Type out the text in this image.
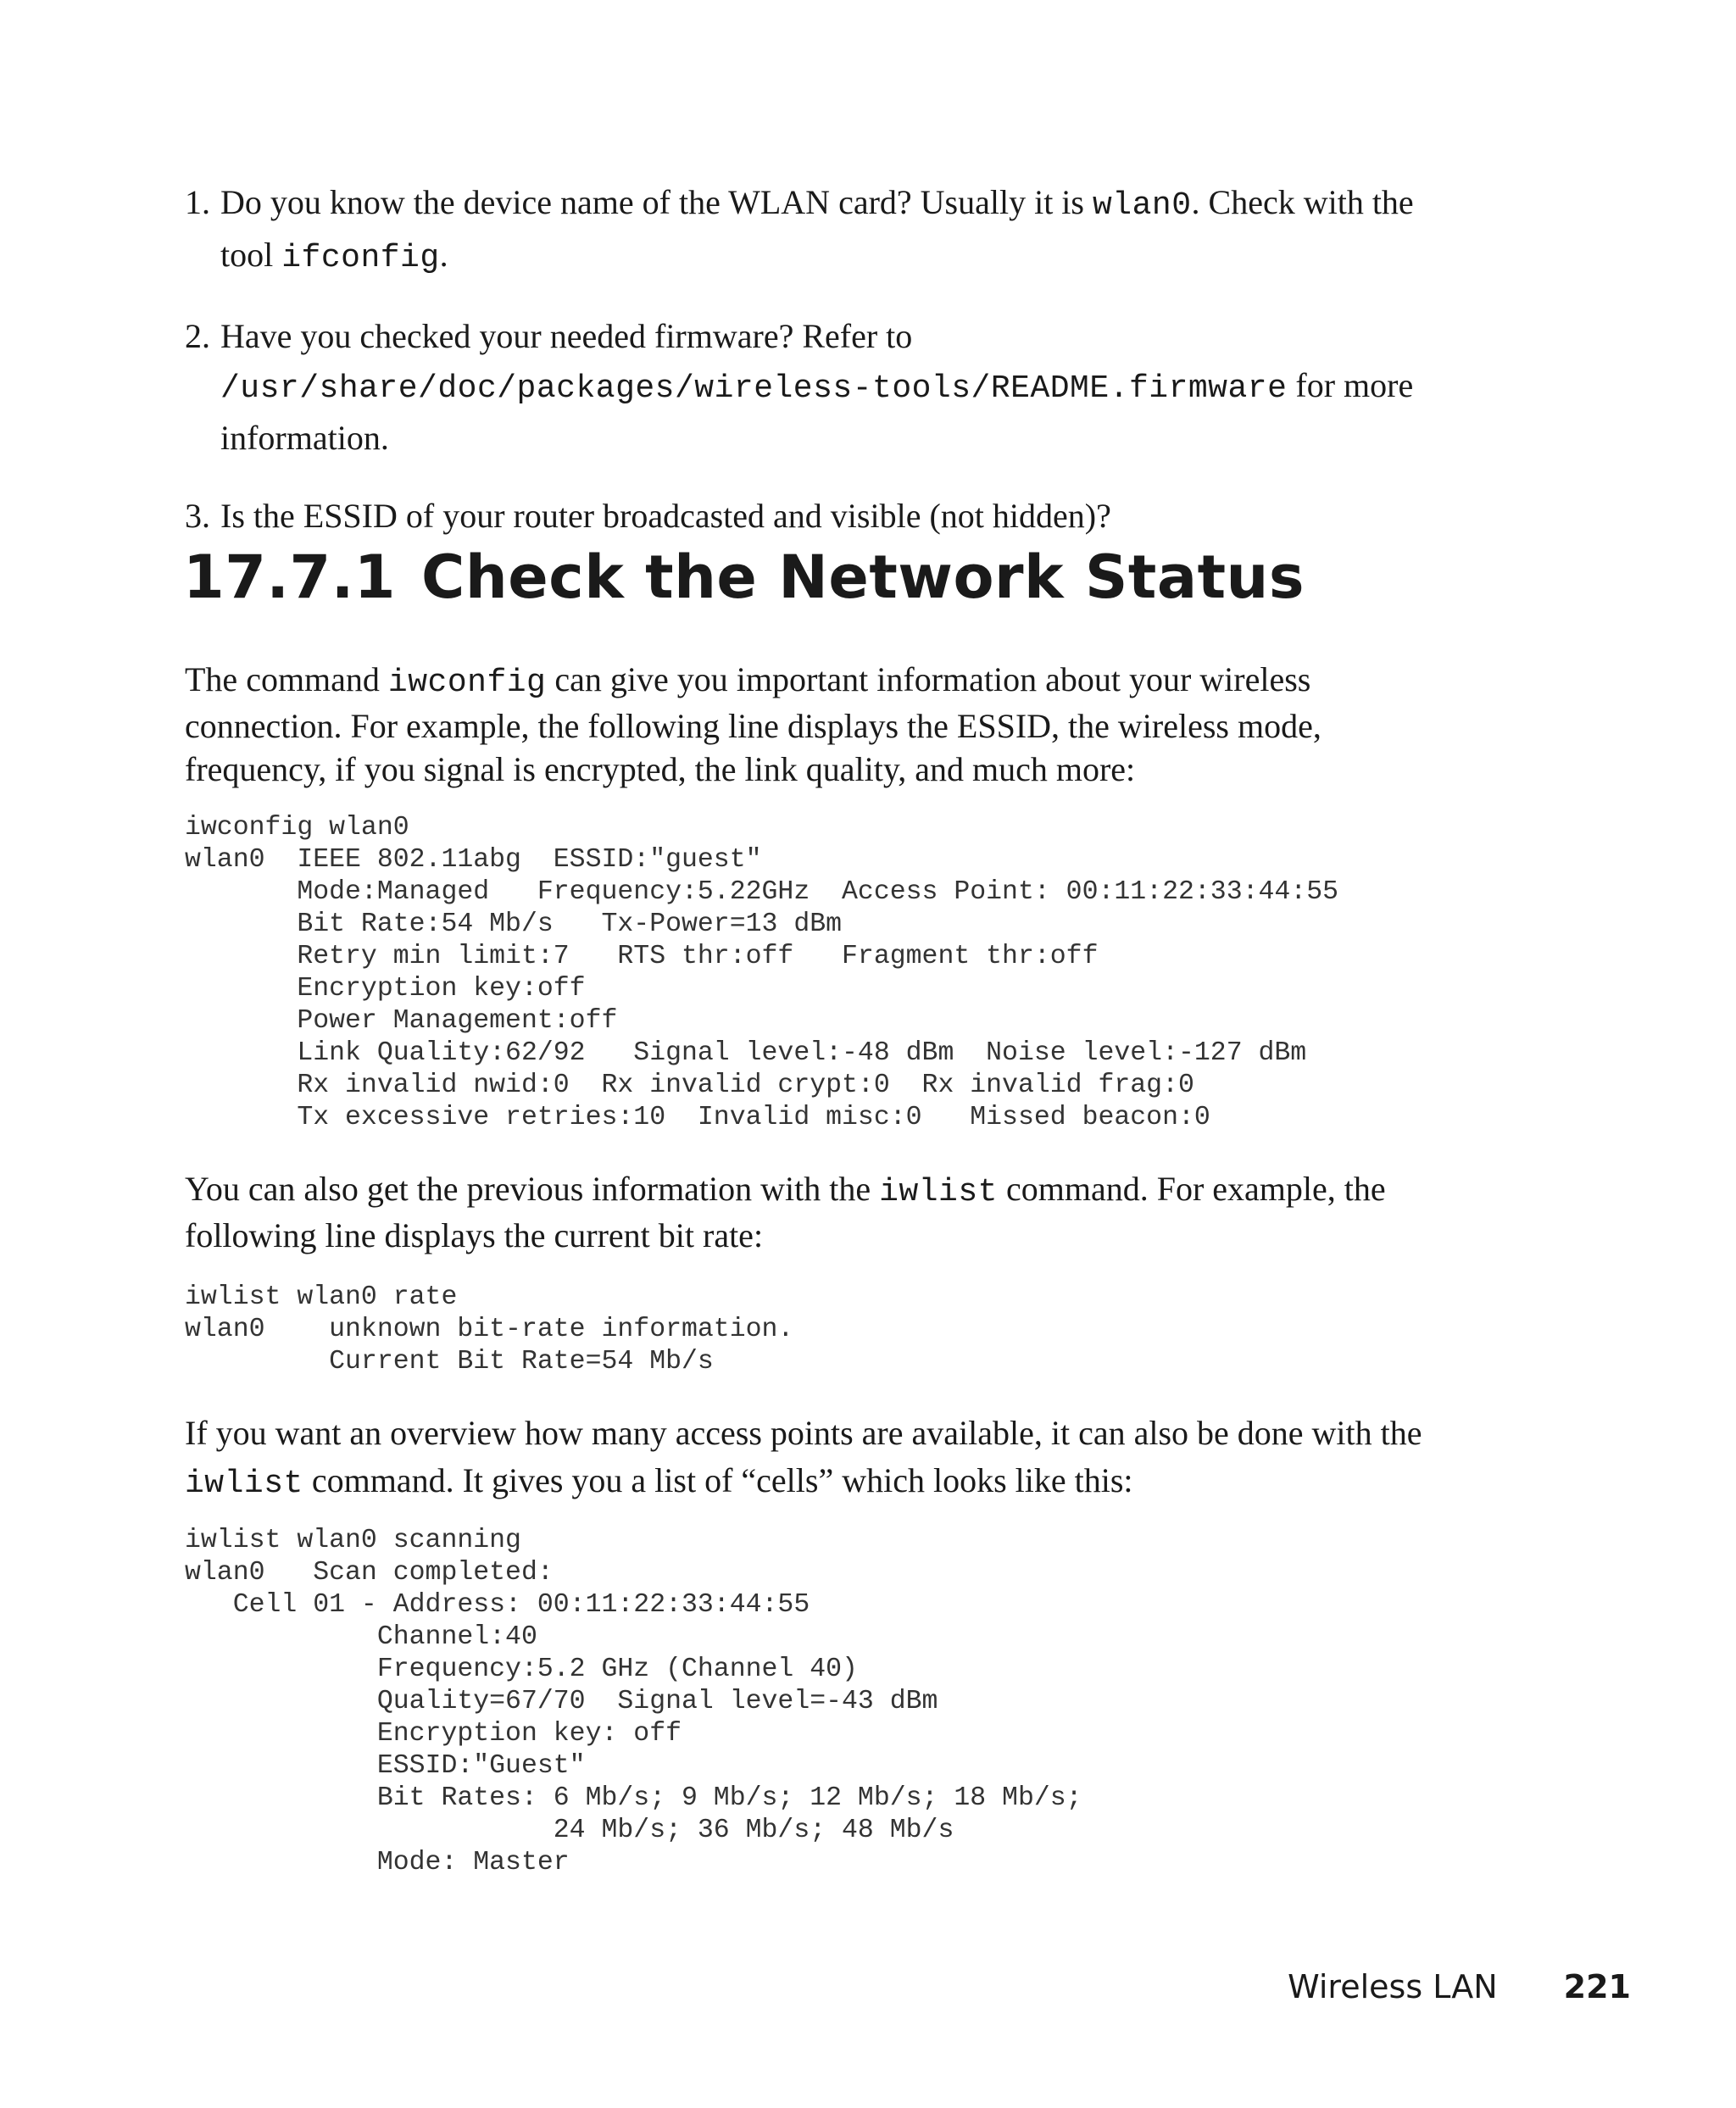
1. Do you know the device name of the WLAN card? Usually it is wlan0. Check with the tool ifconfig.
2. Have you checked your needed firmware? Refer to /usr/share/doc/packages/wireless-tools/README.firmware for more information.
3. Is the ESSID of your router broadcasted and visible (not hidden)?
17.7.1 Check the Network Status

The command iwconfig can give you important information about your wireless connection. For example, the following line displays the ESSID, the wireless mode, frequency, if you signal is encrypted, the link quality, and much more:

iwconfig wlan0
wlan0  IEEE 802.11abg  ESSID:"guest"
Mode:Managed   Frequency:5.22GHz  Access Point: 00:11:22:33:44:55
Bit Rate:54 Mb/s   Tx-Power=13 dBm
Retry min limit:7   RTS thr:off   Fragment thr:off
Encryption key:off
Power Management:off
Link Quality:62/92   Signal level:-48 dBm  Noise level:-127 dBm
Rx invalid nwid:0  Rx invalid crypt:0  Rx invalid frag:0
Tx excessive retries:10  Invalid misc:0   Missed beacon:0

You can also get the previous information with the iwlist command. For example, the following line displays the current bit rate:

iwlist wlan0 rate
wlan0    unknown bit-rate information.
Current Bit Rate=54 Mb/s

If you want an overview how many access points are available, it can also be done with the iwlist command. It gives you a list of “cells” which looks like this:

iwlist wlan0 scanning
wlan0   Scan completed:
Cell 01 - Address: 00:11:22:33:44:55
Channel:40
Frequency:5.2 GHz (Channel 40)
Quality=67/70  Signal level=-43 dBm
Encryption key: off
ESSID:"Guest"
Bit Rates: 6 Mb/s; 9 Mb/s; 12 Mb/s; 18 Mb/s;
24 Mb/s; 36 Mb/s; 48 Mb/s
Mode: Master
Wireless LAN 221
